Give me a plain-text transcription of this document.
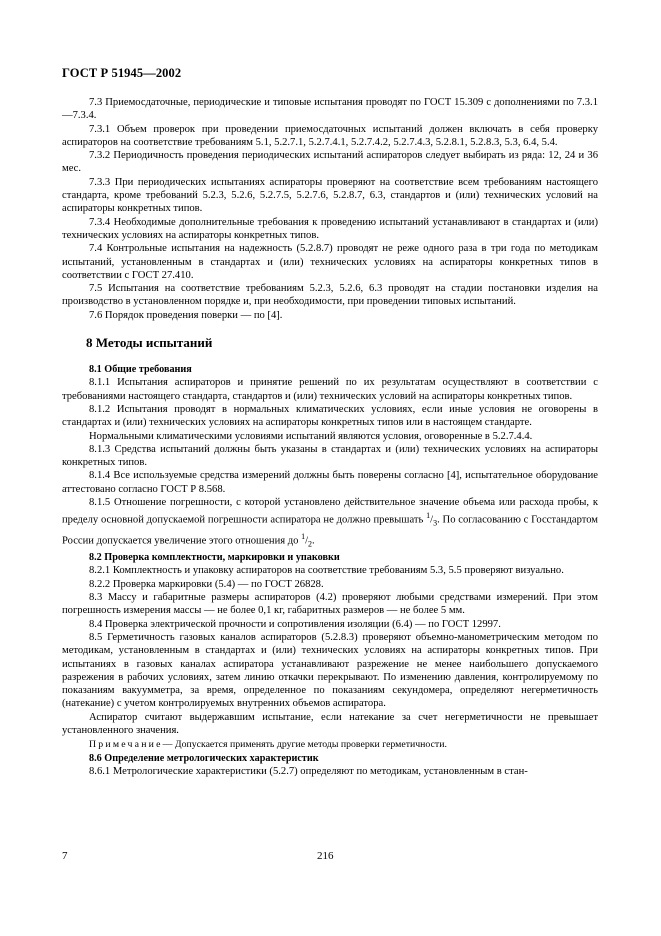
ГОСТ Р 51945—2002

7.3 Приемосдаточные, периодические и типовые испытания проводят по ГОСТ 15.309 с дополнениями по 7.3.1—7.3.4.

7.3.1 Объем проверок при проведении приемосдаточных испытаний должен включать в себя проверку аспираторов на соответствие требованиям 5.1, 5.2.7.1, 5.2.7.4.1, 5.2.7.4.2, 5.2.7.4.3, 5.2.8.1, 5.2.8.3, 5.3, 6.4, 5.4.

7.3.2 Периодичность проведения периодических испытаний аспираторов следует выбирать из ряда: 12, 24 и 36 мес.

7.3.3 При периодических испытаниях аспираторы проверяют на соответствие всем требованиям настоящего стандарта, кроме требований 5.2.3, 5.2.6, 5.2.7.5, 5.2.7.6, 5.2.8.7, 6.3, стандартов и (или) технических условий на аспираторы конкретных типов.

7.3.4 Необходимые дополнительные требования к проведению испытаний устанавливают в стандартах и (или) технических условиях на аспираторы конкретных типов.

7.4 Контрольные испытания на надежность (5.2.8.7) проводят не реже одного раза в три года по методикам испытаний, установленным в стандартах и (или) технических условиях на аспираторы конкретных типов в соответствии с ГОСТ 27.410.

7.5 Испытания на соответствие требованиям 5.2.3, 5.2.6, 6.3 проводят на стадии постановки изделия на производство в установленном порядке и, при необходимости, при проведении типовых испытаний.

7.6 Порядок проведения поверки — по [4].

8 Методы испытаний

8.1 Общие требования

8.1.1 Испытания аспираторов и принятие решений по их результатам осуществляют в соответствии с требованиями настоящего стандарта, стандартов и (или) технических условий на аспираторы конкретных типов.

8.1.2 Испытания проводят в нормальных климатических условиях, если иные условия не оговорены в стандартах и (или) технических условиях на аспираторы конкретных типов или в настоящем стандарте.

Нормальными климатическими условиями испытаний являются условия, оговоренные в 5.2.7.4.4.

8.1.3 Средства испытаний должны быть указаны в стандартах и (или) технических условиях на аспираторы конкретных типов.

8.1.4 Все используемые средства измерений должны быть поверены согласно [4], испытательное оборудование аттестовано согласно ГОСТ Р 8.568.

8.1.5 Отношение погрешности, с которой установлено действительное значение объема или расхода пробы, к пределу основной допускаемой погрешности аспиратора не должно превышать $^1/_3$. По согласованию с Госстандартом России допускается увеличение этого отношения до $^1/_2$.

8.2 Проверка комплектности, маркировки и упаковки

8.2.1 Комплектность и упаковку аспираторов на соответствие требованиям 5.3, 5.5 проверяют визуально.

8.2.2 Проверка маркировки (5.4) — по ГОСТ 26828.

8.3 Массу и габаритные размеры аспираторов (4.2) проверяют любыми средствами измерений. При этом погрешность измерения массы — не более 0,1 кг, габаритных размеров — не более 5 мм.

8.4 Проверка электрической прочности и сопротивления изоляции (6.4) — по ГОСТ 12997.

8.5 Герметичность газовых каналов аспираторов (5.2.8.3) проверяют объемно-манометрическим методом по методикам, установленным в стандартах и (или) технических условиях на аспираторы конкретных типов. При испытаниях в газовых каналах аспиратора устанавливают разрежение не менее наибольшего допускаемого разрежения в рабочих условиях, затем линию откачки перекрывают. По изменению давления, контролируемому по показаниям вакуумметра, за время, определенное по показаниям секундомера, определяют негерметичность (натекание) с учетом контролируемых внутренних объемов аспиратора.

Аспиратор считают выдержавшим испытание, если натекание за счет негерметичности не превышает установленного значения.

Примечание— Допускается применять другие методы проверки герметичности.

8.6 Определение метрологических характеристик

8.6.1 Метрологические характеристики (5.2.7) определяют по методикам, установленным в стан-

7	216
